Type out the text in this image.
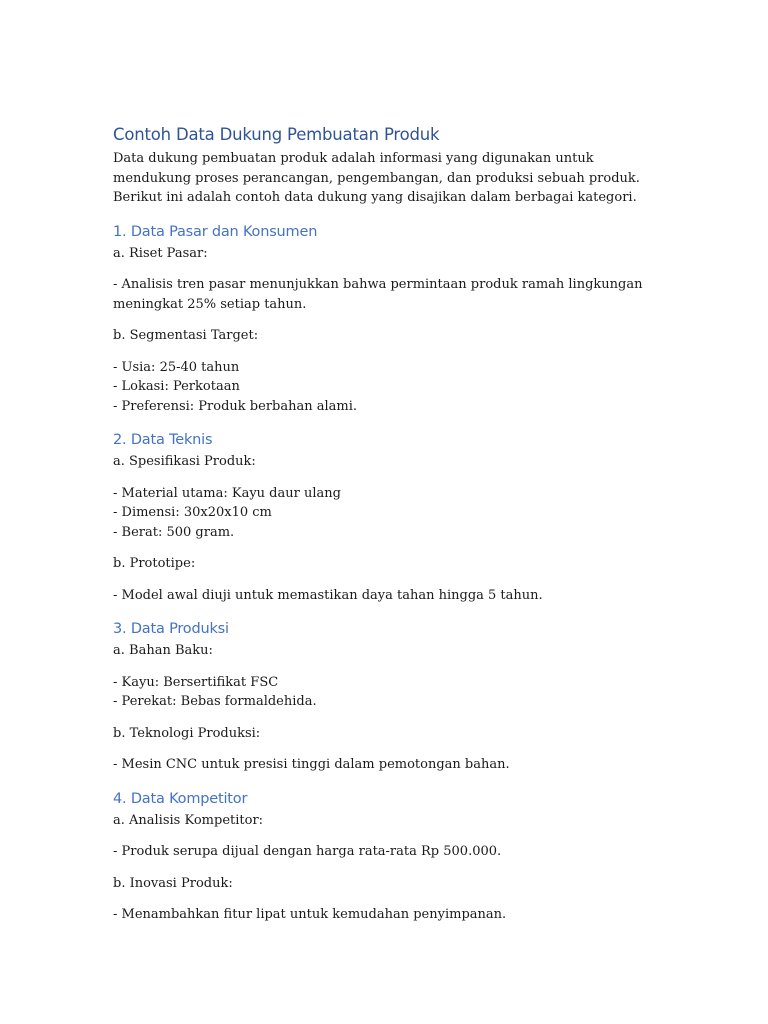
Contoh Data Dukung Pembuatan Produk

Data dukung pembuatan produk adalah informasi yang digunakan untuk mendukung proses perancangan, pengembangan, dan produksi sebuah produk. Berikut ini adalah contoh data dukung yang disajikan dalam berbagai kategori.

1. Data Pasar dan Konsumen

a. Riset Pasar:

- Analisis tren pasar menunjukkan bahwa permintaan produk ramah lingkungan meningkat 25% setiap tahun.

b. Segmentasi Target:

- Usia: 25-40 tahun
- Lokasi: Perkotaan
- Preferensi: Produk berbahan alami.
2. Data Teknis

a. Spesifikasi Produk:

- Material utama: Kayu daur ulang
- Dimensi: 30x20x10 cm
- Berat: 500 gram.

b. Prototipe:

- Model awal diuji untuk memastikan daya tahan hingga 5 tahun.
3. Data Produksi

a. Bahan Baku:

- Kayu: Bersertifikat FSC
- Perekat: Bebas formaldehida.

b. Teknologi Produksi:

- Mesin CNC untuk presisi tinggi dalam pemotongan bahan.
4. Data Kompetitor

a. Analisis Kompetitor:

- Produk serupa dijual dengan harga rata-rata Rp 500.000.

b. Inovasi Produk:

- Menambahkan fitur lipat untuk kemudahan penyimpanan.
